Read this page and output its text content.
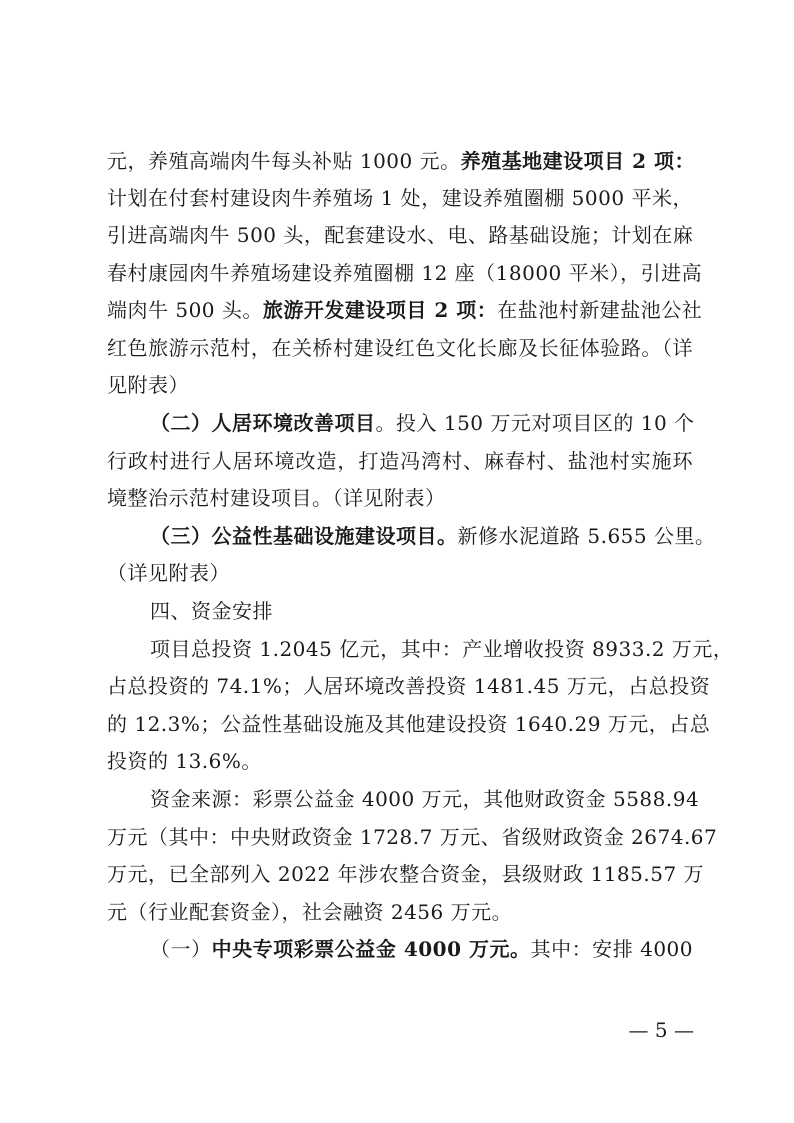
元，养殖高端肉牛每头补贴 1000 元。养殖基地建设项目 2 项：
计划在付套村建设肉牛养殖场 1 处，建设养殖圈棚 5000 平米，
引进高端肉牛 500 头，配套建设水、电、路基础设施；计划在麻
春村康园肉牛养殖场建设养殖圈棚 12 座（18000 平米），引进高
端肉牛 500 头。旅游开发建设项目 2 项：在盐池村新建盐池公社
红色旅游示范村，在关桥村建设红色文化长廊及长征体验路。（详
见附表）
（二）人居环境改善项目。投入 150 万元对项目区的 10 个
行政村进行人居环境改造，打造冯湾村、麻春村、盐池村实施环
境整治示范村建设项目。（详见附表）
（三）公益性基础设施建设项目。新修水泥道路 5.655 公里。
（详见附表）
四、资金安排
项目总投资 1.2045 亿元，其中：产业增收投资 8933.2 万元，
占总投资的 74.1%；人居环境改善投资 1481.45 万元，占总投资
的 12.3%；公益性基础设施及其他建设投资 1640.29 万元，占总
投资的 13.6%。
资金来源：彩票公益金 4000 万元，其他财政资金 5588.94
万元（其中：中央财政资金 1728.7 万元、省级财政资金 2674.67
万元，已全部列入 2022 年涉农整合资金，县级财政 1185.57 万
元（行业配套资金），社会融资 2456 万元。
（一）中央专项彩票公益金 4000 万元。其中：安排 4000
— 5 —
